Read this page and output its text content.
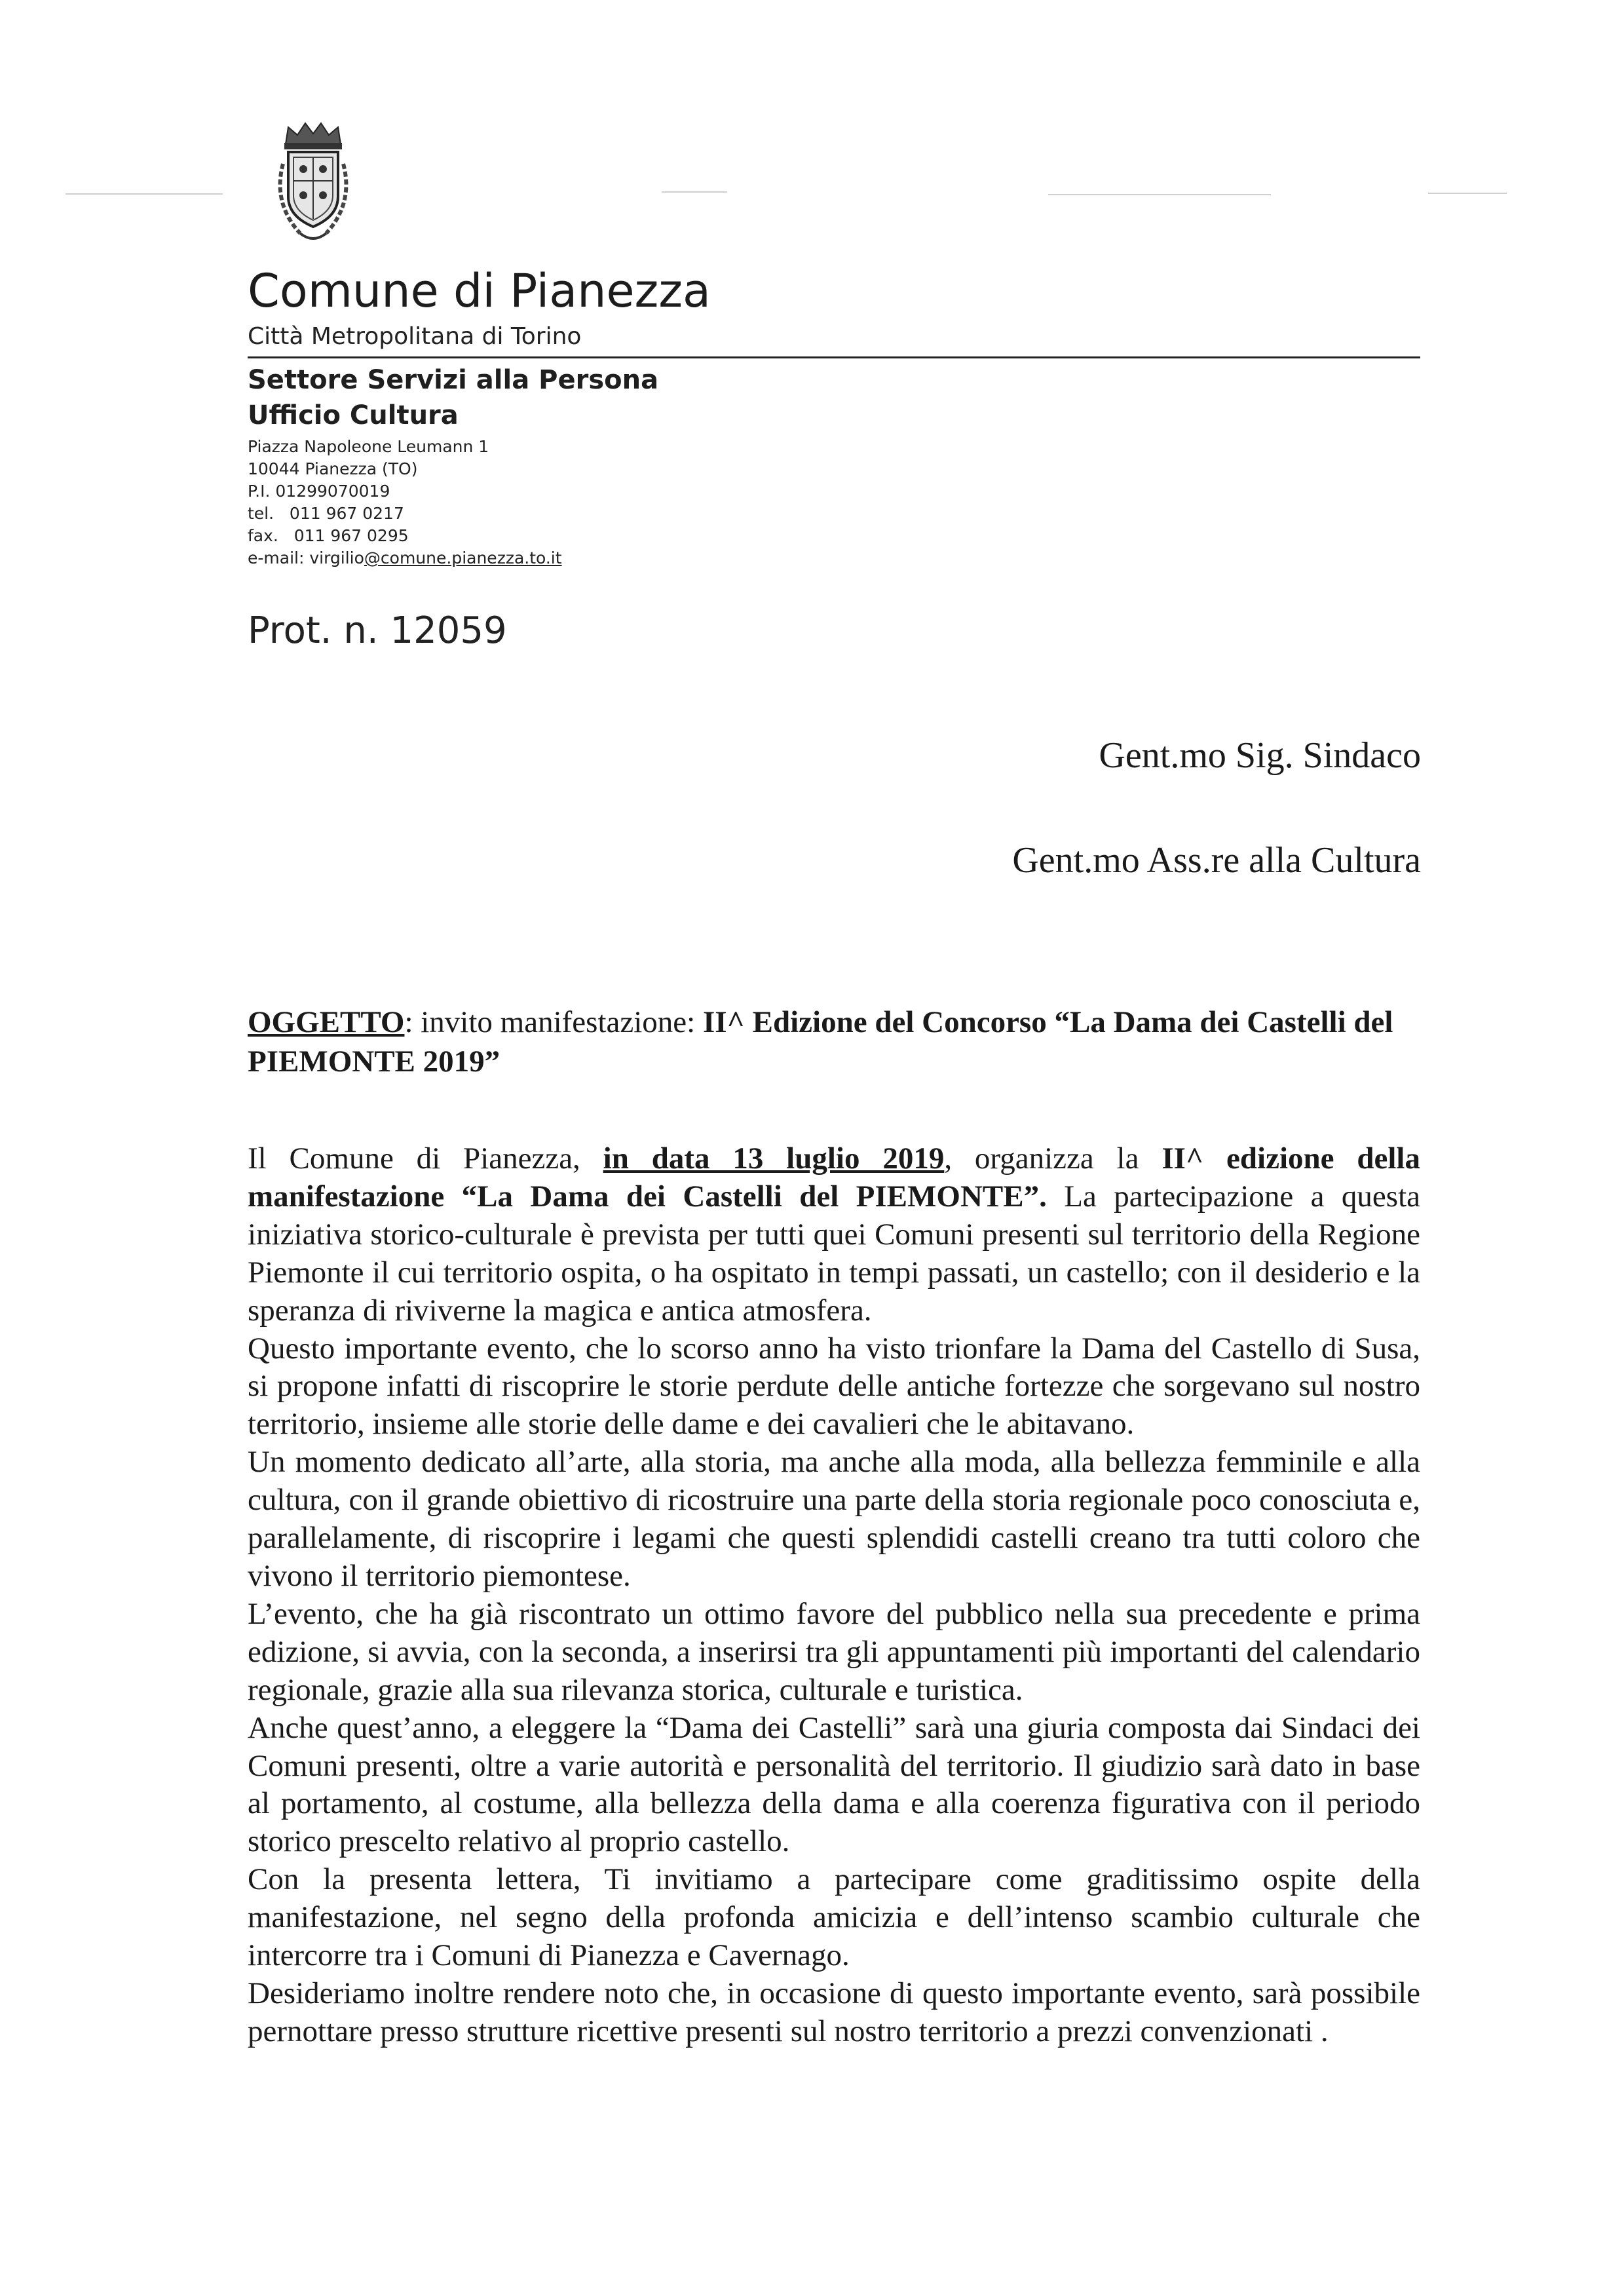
Comune di Pianezza
Città Metropolitana di Torino
Settore Servizi alla Persona
Ufficio Cultura
Piazza Napoleone Leumann 1
10044 Pianezza (TO)
P.I. 01299070019
tel.   011 967 0217
fax.   011 967 0295
e-mail: virgilio@comune.pianezza.to.it
Prot. n. 12059
Gent.mo Sig. Sindaco
Gent.mo Ass.re alla Cultura
OGGETTO: invito manifestazione: II^ Edizione del Concorso “La Dama dei Castelli del PIEMONTE 2019”

Il Comune di Pianezza, in data 13 luglio 2019, organizza la II^ edizione della manifestazione “La Dama dei Castelli del PIEMONTE”. La partecipazione a questa iniziativa storico-culturale è prevista per tutti quei Comuni presenti sul territorio della Regione Piemonte il cui territorio ospita, o ha ospitato in tempi passati, un castello; con il desiderio e la speranza di riviverne la magica e antica atmosfera.

Questo importante evento, che lo scorso anno ha visto trionfare la Dama del Castello di Susa, si propone infatti di riscoprire le storie perdute delle antiche fortezze che sorgevano sul nostro territorio, insieme alle storie delle dame e dei cavalieri che le abitavano.

Un momento dedicato all’arte, alla storia, ma anche alla moda, alla bellezza femminile e alla cultura, con il grande obiettivo di ricostruire una parte della storia regionale poco conosciuta e, parallelamente, di riscoprire i legami che questi splendidi castelli creano tra tutti coloro che vivono il territorio piemontese.

L’evento, che ha già riscontrato un ottimo favore del pubblico nella sua precedente e prima edizione, si avvia, con la seconda, a inserirsi tra gli appuntamenti più importanti del calendario regionale, grazie alla sua rilevanza storica, culturale e turistica.

Anche quest’anno, a eleggere la “Dama dei Castelli” sarà una giuria composta dai Sindaci dei Comuni presenti, oltre a varie autorità e personalità del territorio. Il giudizio sarà dato in base al portamento, al costume, alla bellezza della dama e alla coerenza figurativa con il periodo storico prescelto relativo al proprio castello.

Con la presenta lettera, Ti invitiamo a partecipare come graditissimo ospite della manifestazione, nel segno della profonda amicizia e dell’intenso scambio culturale che intercorre tra i Comuni di Pianezza e Cavernago.

Desideriamo inoltre rendere noto che, in occasione di questo importante evento, sarà possibile pernottare presso strutture ricettive presenti sul nostro territorio a prezzi convenzionati .
